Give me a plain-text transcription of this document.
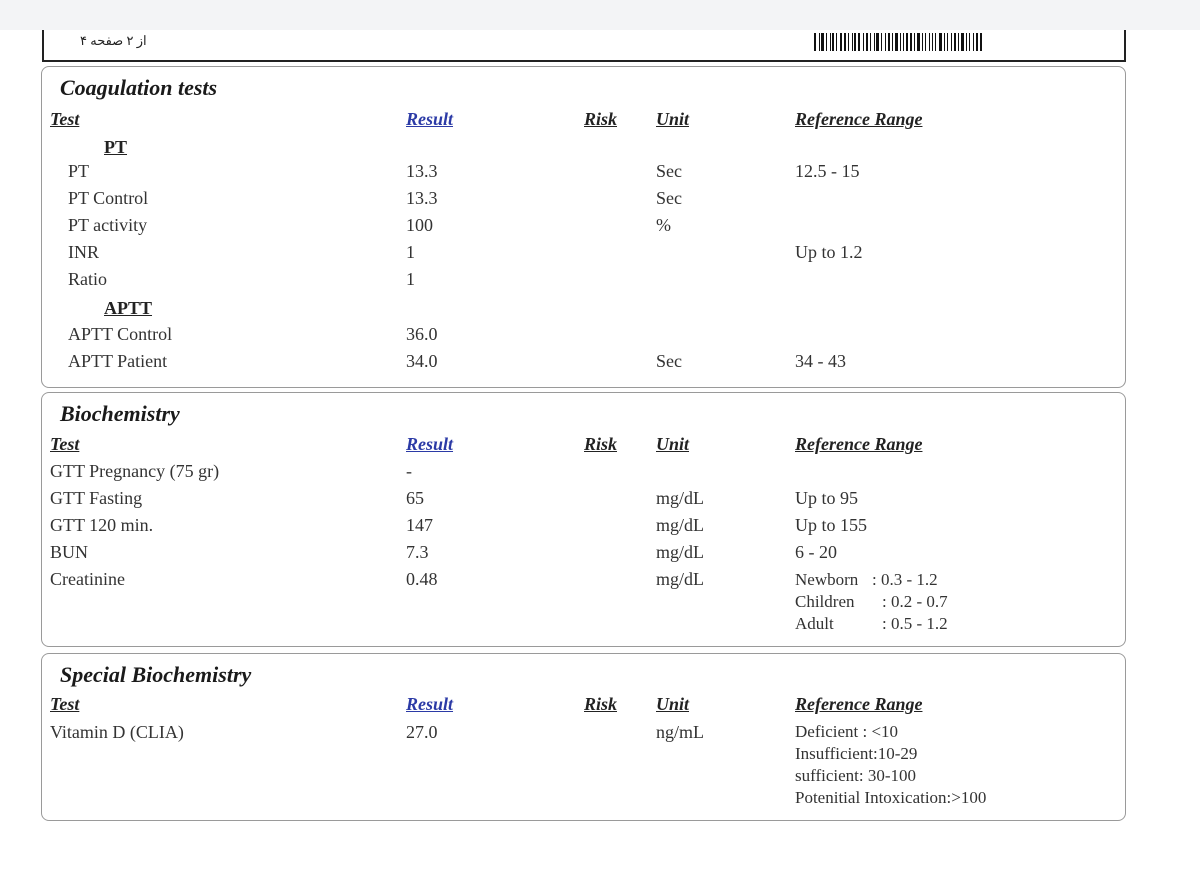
۴ از ۲ صفحه
Coagulation tests
Test	Result	Risk Unit	Reference Range
PT
PT	13.3	Sec	12.5 - 15
PT Control	13.3	Sec
PT activity	100	%
INR	1	Up to 1.2
Ratio	1
APTT
APTT Control	36.0
APTT Patient	34.0	Sec	34 - 43
Biochemistry
Test	Result	Risk Unit	Reference Range
GTT Pregnancy (75 gr)	-
GTT Fasting	65	mg/dL	Up to 95
GTT 120 min.	147	mg/dL	Up to 155
BUN	7.3	mg/dL	6 - 20
Creatinine	0.48	mg/dL	Newborn : 0.3 - 1.2
Children : 0.2 - 0.7
Adult	: 0.5 - 1.2
Special Biochemistry
Test	Result	Risk Unit	Reference Range
Vitamin D (CLIA)	27.0	ng/mL	Deficient : <10
Insufficient:10-29
sufficient: 30-100
Potenitial Intoxication:>100
